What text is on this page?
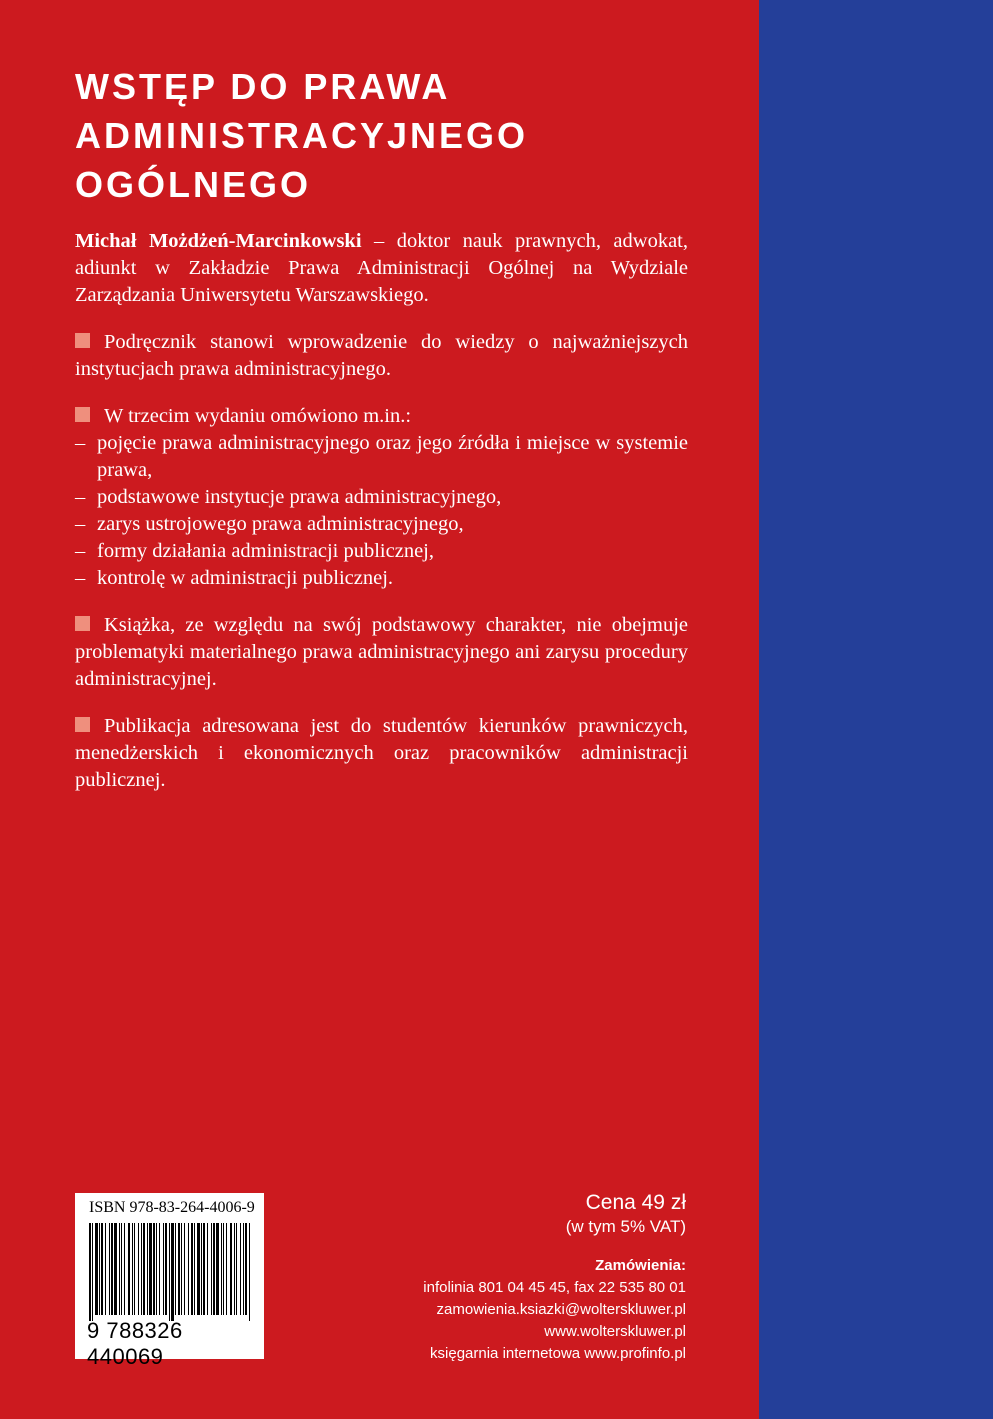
WSTĘP DO PRAWA
ADMINISTRACYJNEGO
OGÓLNEGO

Michał Możdżeń-Marcinkowski – doktor nauk prawnych, adwokat, adiunkt w Zakładzie Prawa Administracji Ogólnej na Wydziale Zarządzania Uniwersytetu Warszawskiego.

Podręcznik stanowi wprowadzenie do wiedzy o najważniejszych instytucjach prawa administracyjnego.

W trzecim wydaniu omówiono m.in.:
– pojęcie prawa administracyjnego oraz jego źródła i miejsce w systemie prawa,
– podstawowe instytucje prawa administracyjnego,
– zarys ustrojowego prawa administracyjnego,
– formy działania administracji publicznej,
– kontrolę w administracji publicznej.

Książka, ze względu na swój podstawowy charakter, nie obejmuje problematyki materialnego prawa administracyjnego ani zarysu procedury administracyjnej.

Publikacja adresowana jest do studentów kierunków prawniczych, menedżerskich i ekonomicznych oraz pracowników administracji publicznej.

ISBN 978-83-264-4006-9
9 788326 440069
Cena 49 zł
(w tym 5% VAT)
Zamówienia:
infolinia 801 04 45 45, fax 22 535 80 01
zamowienia.ksiazki@wolterskluwer.pl
www.wolterskluwer.pl
księgarnia internetowa www.profinfo.pl
